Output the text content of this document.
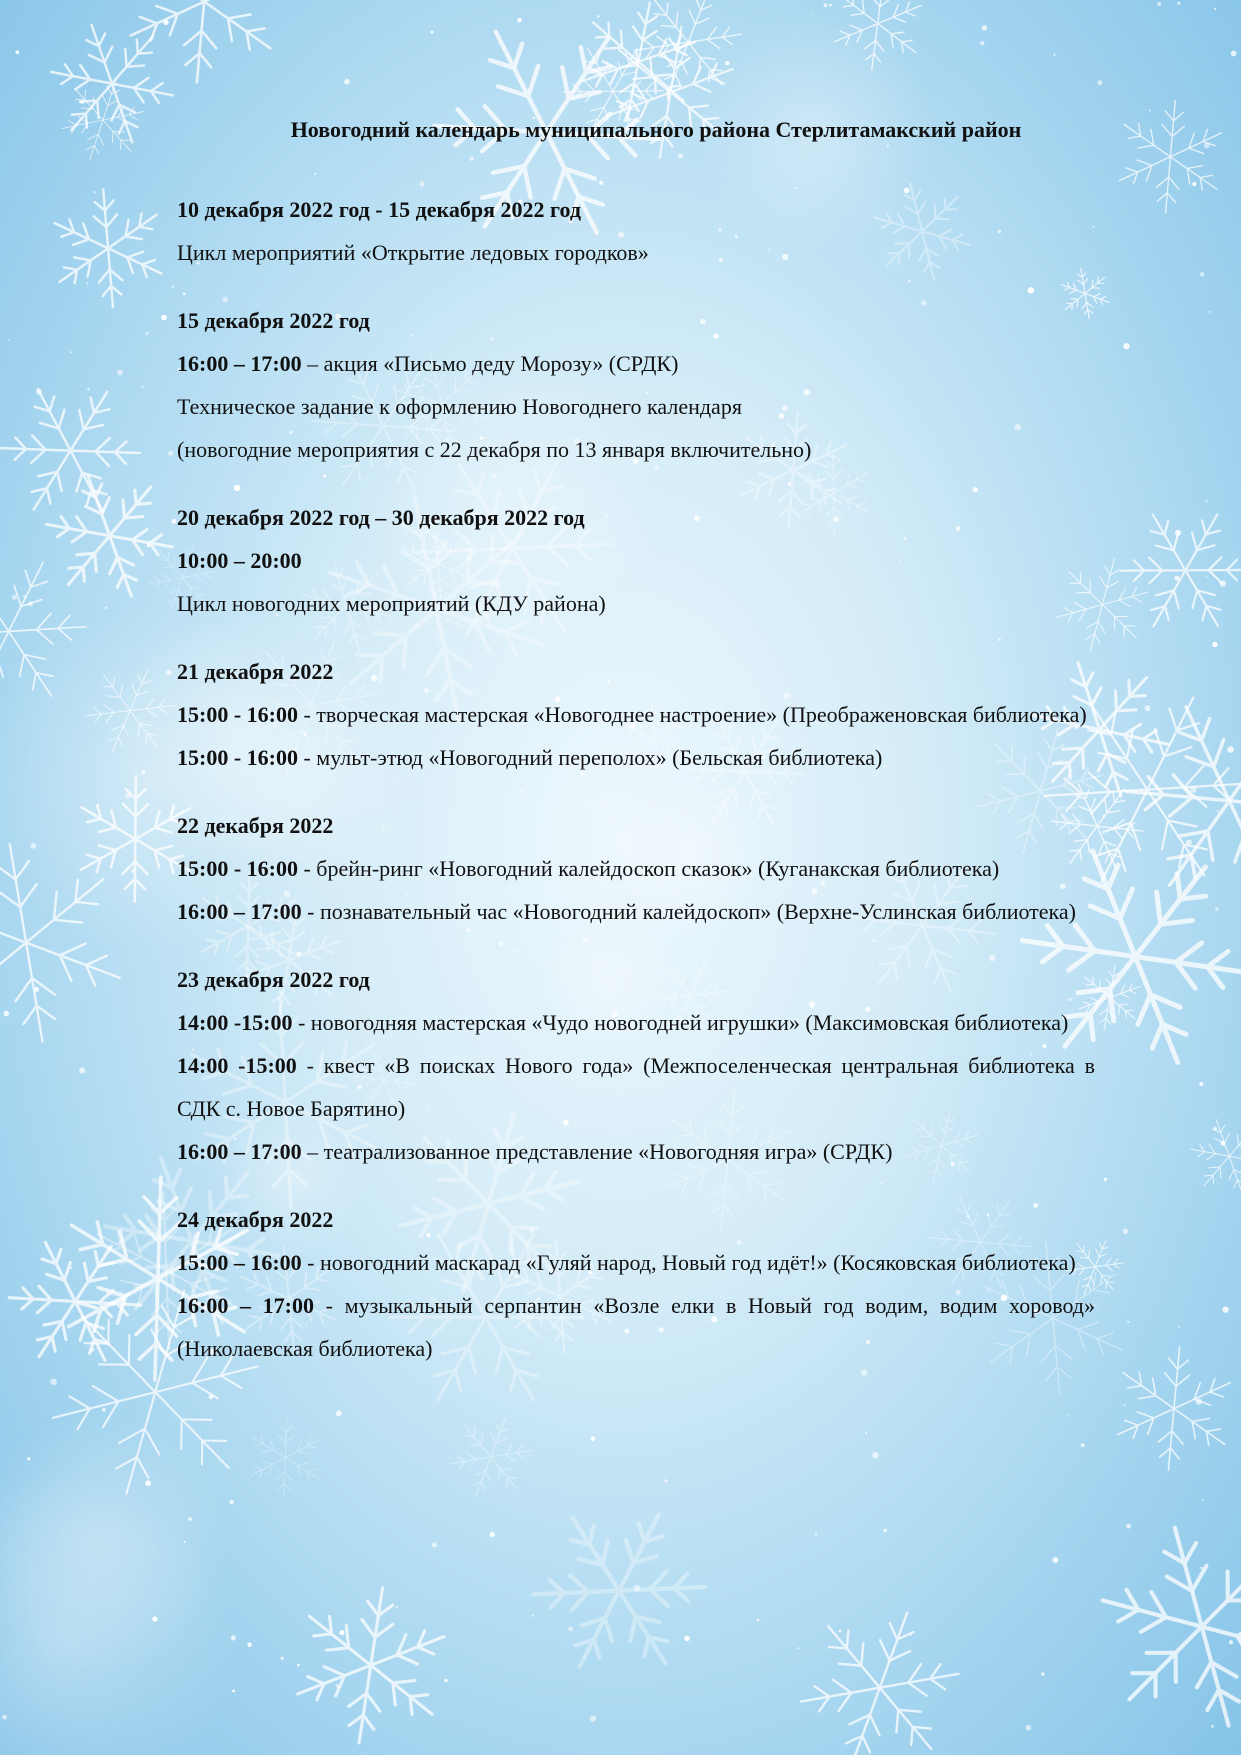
Новогодний календарь муниципального района Стерлитамакский район
10 декабря 2022 год - 15 декабря 2022 год
Цикл мероприятий «Открытие ледовых городков»
15 декабря 2022 год
16:00 – 17:00 – акция «Письмо деду Морозу» (СРДК)
Техническое задание к оформлению Новогоднего календаря
(новогодние мероприятия с 22 декабря по 13 января включительно)
20 декабря 2022 год – 30 декабря 2022 год
10:00 – 20:00
Цикл новогодних мероприятий (КДУ района)
21 декабря 2022
15:00 - 16:00 - творческая мастерская «Новогоднее настроение» (Преображеновская библиотека)
15:00 - 16:00 - мульт-этюд «Новогодний переполох» (Бельская библиотека)
22 декабря 2022
15:00 - 16:00 - брейн-ринг «Новогодний калейдоскоп сказок» (Куганакская библиотека)
16:00 – 17:00 - познавательный час «Новогодний калейдоскоп» (Верхне-Услинская библиотека)
23 декабря 2022 год
14:00 -15:00 - новогодняя мастерская «Чудо новогодней игрушки» (Максимовская библиотека)
14:00 -15:00 - квест «В поисках Нового года» (Межпоселенческая центральная библиотека в СДК с. Новое Барятино)
16:00 – 17:00 – театрализованное представление «Новогодняя игра» (СРДК)
24 декабря 2022
15:00 – 16:00 - новогодний маскарад «Гуляй народ, Новый год идёт!» (Косяковская библиотека)
16:00 – 17:00 - музыкальный серпантин «Возле елки в Новый год водим, водим хоровод» (Николаевская библиотека)
